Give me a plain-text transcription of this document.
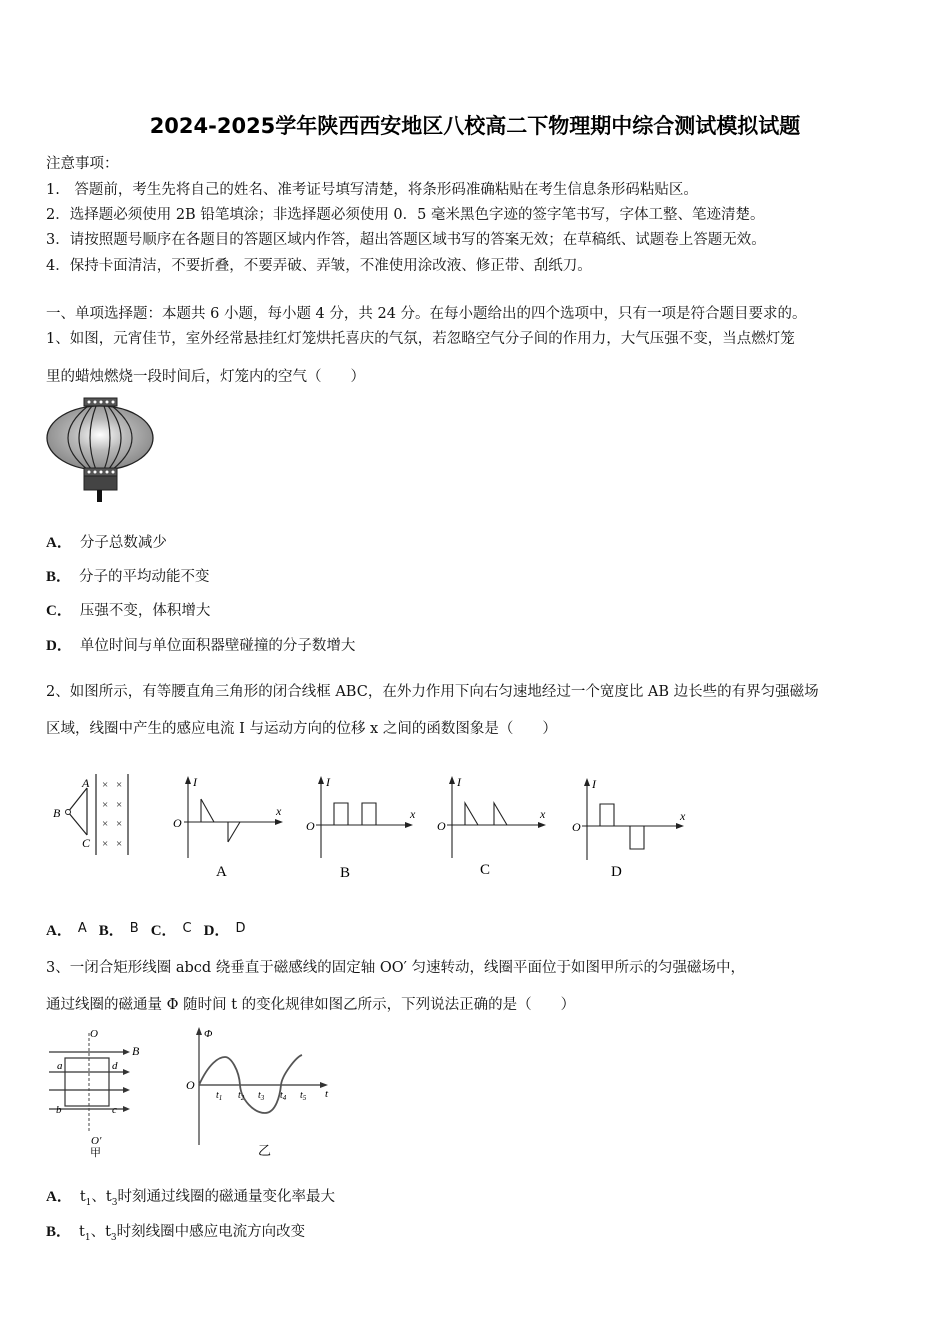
2024-2025学年陕西西安地区八校高二下物理期中综合测试模拟试题
注意事项：
1.　答题前，考生先将自己的姓名、准考证号填写清楚，将条形码准确粘贴在考生信息条形码粘贴区。
2．选择题必须使用 2B 铅笔填涂；非选择题必须使用 0．5 毫米黑色字迹的签字笔书写，字体工整、笔迹清楚。
3．请按照题号顺序在各题目的答题区域内作答，超出答题区域书写的答案无效；在草稿纸、试题卷上答题无效。
4．保持卡面清洁，不要折叠，不要弄破、弄皱，不准使用涂改液、修正带、刮纸刀。
一、单项选择题：本题共 6 小题，每小题 4 分，共 24 分。在每小题给出的四个选项中，只有一项是符合题目要求的。
1、如图，元宵佳节，室外经常悬挂红灯笼烘托喜庆的气氛，若忽略空气分子间的作用力，大气压强不变，当点燃灯笼
里的蜡烛燃烧一段时间后，灯笼内的空气（　　）
A． 分子总数减少
B． 分子的平均动能不变
C． 压强不变，体积增大
D． 单位时间与单位面积器壁碰撞的分子数增大
2、如图所示，有等腰直角三角形的闭合线框 ABC，在外力作用下向右匀速地经过一个宽度比 AB 边长些的有界匀强磁场
区域，线圈中产生的感应电流 I 与运动方向的位移 x 之间的函数图象是（　　）
A
B
C
× ×
× ×
× ×
× ×
I
x
O
A
I
x
O
B
I
x
O
C
I
x
O
D
A． A B． B C． C D． D
3、一闭合矩形线圈 abcd 绕垂直于磁感线的固定轴 OO′ 匀速转动，线圈平面位于如图甲所示的匀强磁场中，
通过线圈的磁通量 Φ 随时间 t 的变化规律如图乙所示，下列说法正确的是（　　）
O
O′
B
a	d
b	c
甲
Φ
O
t
$t_1$ $t_2$ $t_3$ $t_4$ $t_5$
乙
A． $t_1$、$t_3$时刻通过线圈的磁通量变化率最大
B． $t_1$、$t_3$时刻线圈中感应电流方向改变
